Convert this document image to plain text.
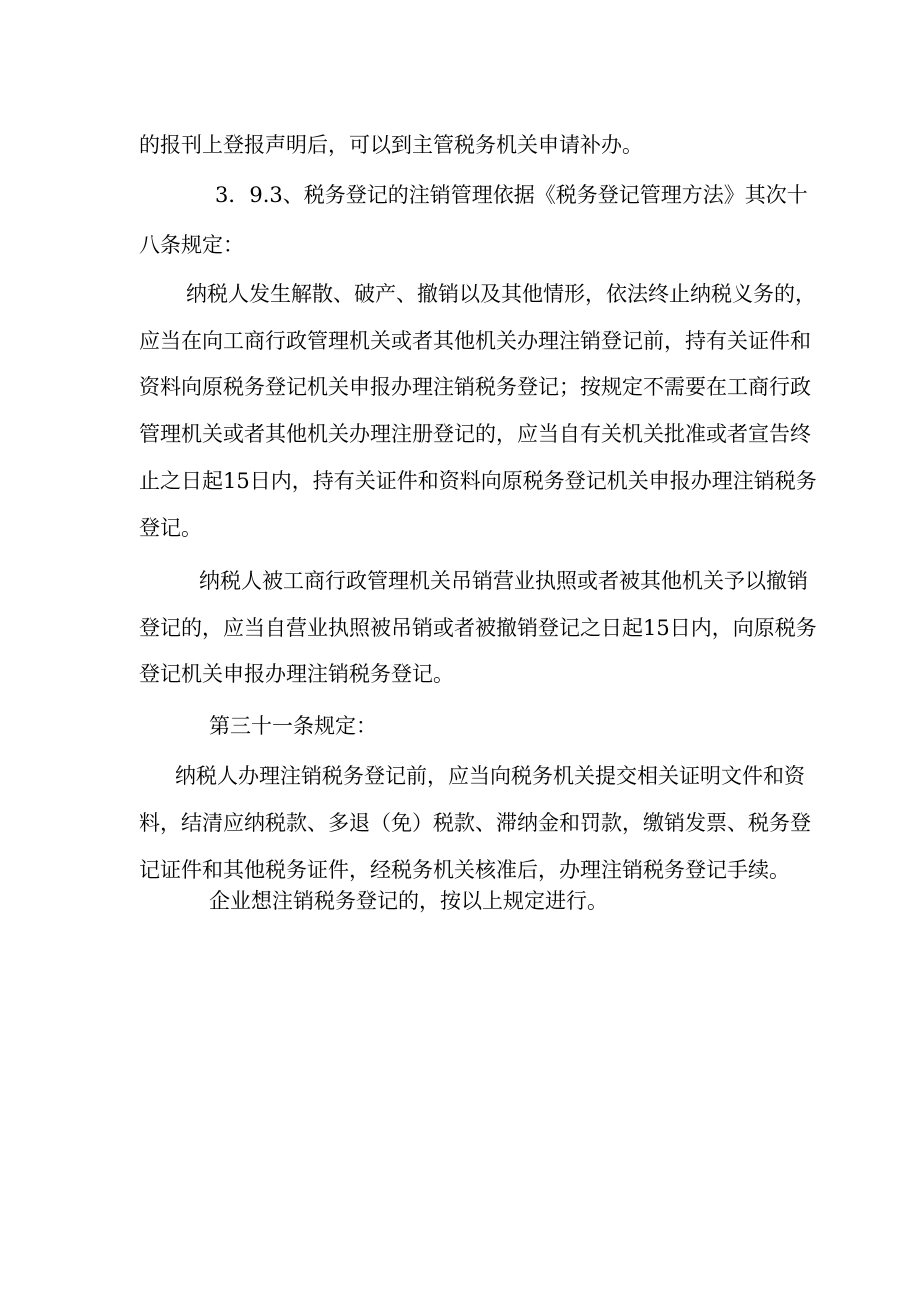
的报刊上登报声明后，可以到主管税务机关申请补办。
3．9.3、税务登记的注销管理依据《税务登记管理方法》其次十
八条规定：
纳税人发生解散、破产、撤销以及其他情形，依法终止纳税义务的，
应当在向工商行政管理机关或者其他机关办理注销登记前，持有关证件和
资料向原税务登记机关申报办理注销税务登记；按规定不需要在工商行政
管理机关或者其他机关办理注册登记的，应当自有关机关批准或者宣告终
止之日起15日内，持有关证件和资料向原税务登记机关申报办理注销税务
登记。
纳税人被工商行政管理机关吊销营业执照或者被其他机关予以撤销
登记的，应当自营业执照被吊销或者被撤销登记之日起15日内，向原税务
登记机关申报办理注销税务登记。
第三十一条规定：
纳税人办理注销税务登记前，应当向税务机关提交相关证明文件和资
料，结清应纳税款、多退（免）税款、滞纳金和罚款，缴销发票、税务登
记证件和其他税务证件，经税务机关核准后，办理注销税务登记手续。
企业想注销税务登记的，按以上规定进行。
